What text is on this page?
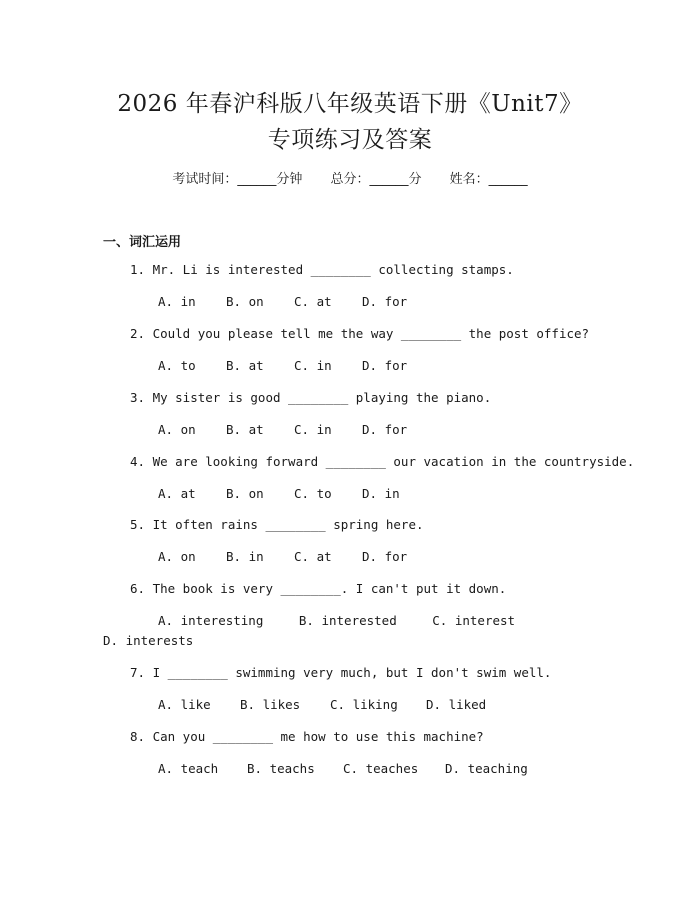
2026 年春沪科版八年级英语下册《Unit7》
专项练习及答案
考试时间：______分钟 总分：______分 姓名：______
一、词汇运用
1. Mr. Li is interested ________ collecting stamps.
A. in B. on C. at D. for
2. Could you please tell me the way ________ the post office?
A. to B. at C. in D. for
3. My sister is good ________ playing the piano.
A. on B. at C. in D. for
4. We are looking forward ________ our vacation in the countryside.
A. at B. on C. to D. in
5. It often rains ________ spring here.
A. on B. in C. at D. for
6. The book is very ________. I can't put it down.
A. interesting	B. interested	C. interest D. interests
7. I ________ swimming very much, but I don't swim well.
A. like B. likes C. liking D. liked
8. Can you ________ me how to use this machine?
A. teach B. teachs C. teaches D. teaching
